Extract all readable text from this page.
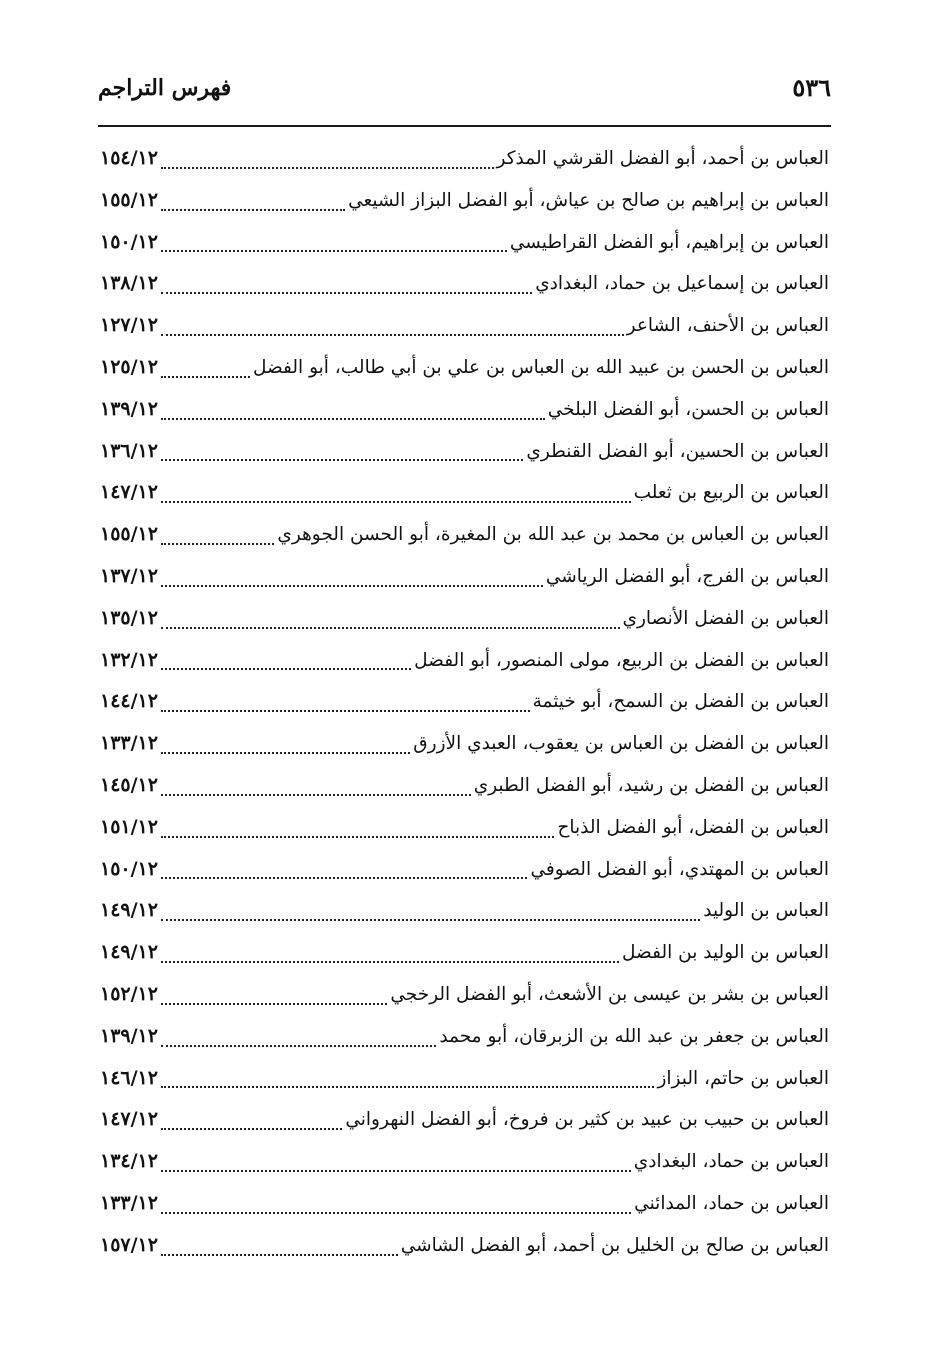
٥٣٦
فهرس التراجم
العباس بن أحمد، أبو الفضل القرشي المذكر
١٥٤/١٢
العباس بن إبراهيم بن صالح بن عياش، أبو الفضل البزاز الشيعي
١٥٥/١٢
العباس بن إبراهيم، أبو الفضل القراطيسي
١٥٠/١٢
العباس بن إسماعيل بن حماد، البغدادي
١٣٨/١٢
العباس بن الأحنف، الشاعر
١٢٧/١٢
العباس بن الحسن بن عبيد الله بن العباس بن علي بن أبي طالب، أبو الفضل
١٢٥/١٢
العباس بن الحسن، أبو الفضل البلخي
١٣٩/١٢
العباس بن الحسين، أبو الفضل القنطري
١٣٦/١٢
العباس بن الربيع بن ثعلب
١٤٧/١٢
العباس بن العباس بن محمد بن عبد الله بن المغيرة، أبو الحسن الجوهري
١٥٥/١٢
العباس بن الفرج، أبو الفضل الرياشي
١٣٧/١٢
العباس بن الفضل الأنصاري
١٣٥/١٢
العباس بن الفضل بن الربيع، مولى المنصور، أبو الفضل
١٣٢/١٢
العباس بن الفضل بن السمح، أبو خيثمة
١٤٤/١٢
العباس بن الفضل بن العباس بن يعقوب، العبدي الأزرق
١٣٣/١٢
العباس بن الفضل بن رشيد، أبو الفضل الطبري
١٤٥/١٢
العباس بن الفضل، أبو الفضل الذباح
١٥١/١٢
العباس بن المهتدي، أبو الفضل الصوفي
١٥٠/١٢
العباس بن الوليد
١٤٩/١٢
العباس بن الوليد بن الفضل
١٤٩/١٢
العباس بن بشر بن عيسى بن الأشعث، أبو الفضل الرخجي
١٥٢/١٢
العباس بن جعفر بن عبد الله بن الزبرقان، أبو محمد
١٣٩/١٢
العباس بن حاتم، البزاز
١٤٦/١٢
العباس بن حبيب بن عبيد بن كثير بن فروخ، أبو الفضل النهرواني
١٤٧/١٢
العباس بن حماد، البغدادي
١٣٤/١٢
العباس بن حماد، المدائني
١٣٣/١٢
العباس بن صالح بن الخليل بن أحمد، أبو الفضل الشاشي
١٥٧/١٢
